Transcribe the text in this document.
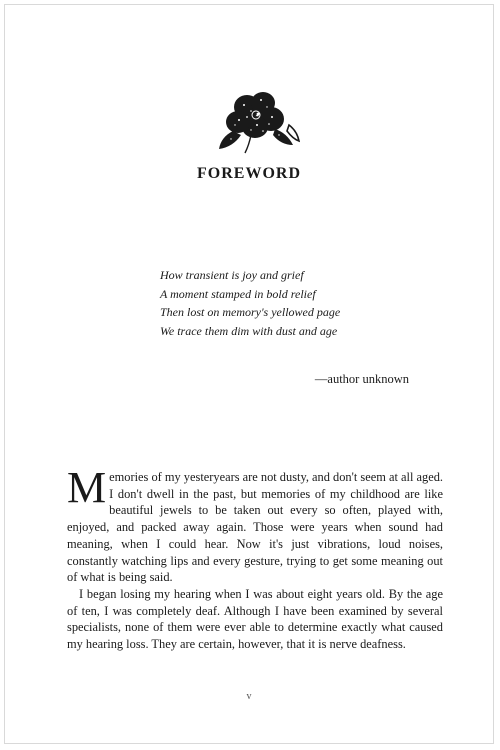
FOREWORD
How transient is joy and grief
A moment stamped in bold relief
Then lost on memory's yellowed page
We trace them dim with dust and age
—author unknown

Memories of my yesteryears are not dusty, and don't seem at all aged. I don't dwell in the past, but memories of my childhood are like beautiful jewels to be taken out every so often, played with, enjoyed, and packed away again. Those were years when sound had meaning, when I could hear. Now it's just vibrations, loud noises, constantly watching lips and every gesture, trying to get some meaning out of what is being said.

I began losing my hearing when I was about eight years old. By the age of ten, I was completely deaf. Although I have been examined by several specialists, none of them were ever able to determine exactly what caused my hearing loss. They are certain, however, that it is nerve deafness.

v
